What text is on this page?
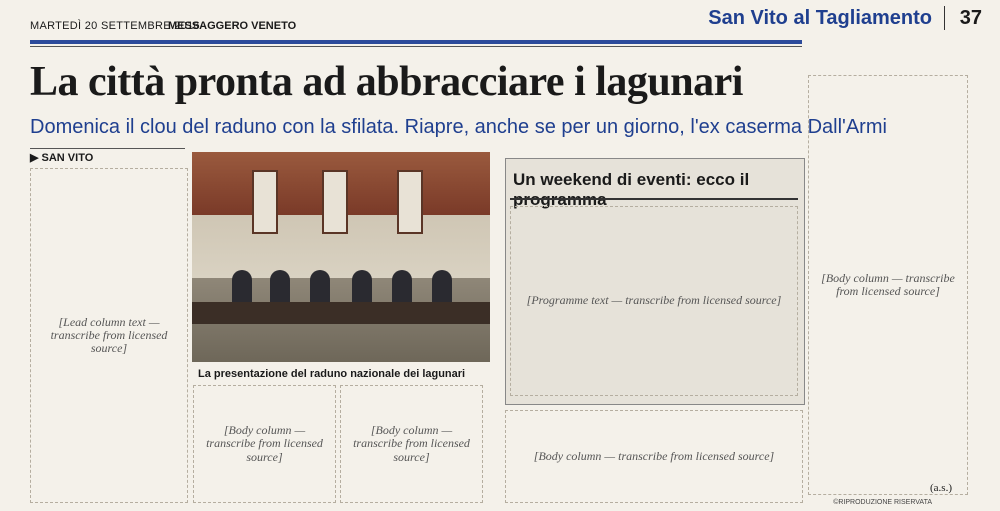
MARTEDÌ 20 SETTEMBRE 2016
MESSAGGERO VENETO	San Vito al Tagliamento 37
La città pronta ad abbracciare i lagunari
Domenica il clou del raduno con la sfilata. Riapre, anche se per un giorno, l'ex caserma Dall'Armi
▶ SAN VITO
[Lead column text — transcribe from licensed source]
[Body column — transcribe from licensed source]
[Body column — transcribe from licensed source]	[Body column — transcribe from licensed source]
[Body column — transcribe from licensed source]
La presentazione del raduno nazionale dei lagunari
Un weekend di eventi: ecco il
[Programme text — transcribe from licensed source]
©RIPRODUZIONE RISERVATA
(a.s.)
